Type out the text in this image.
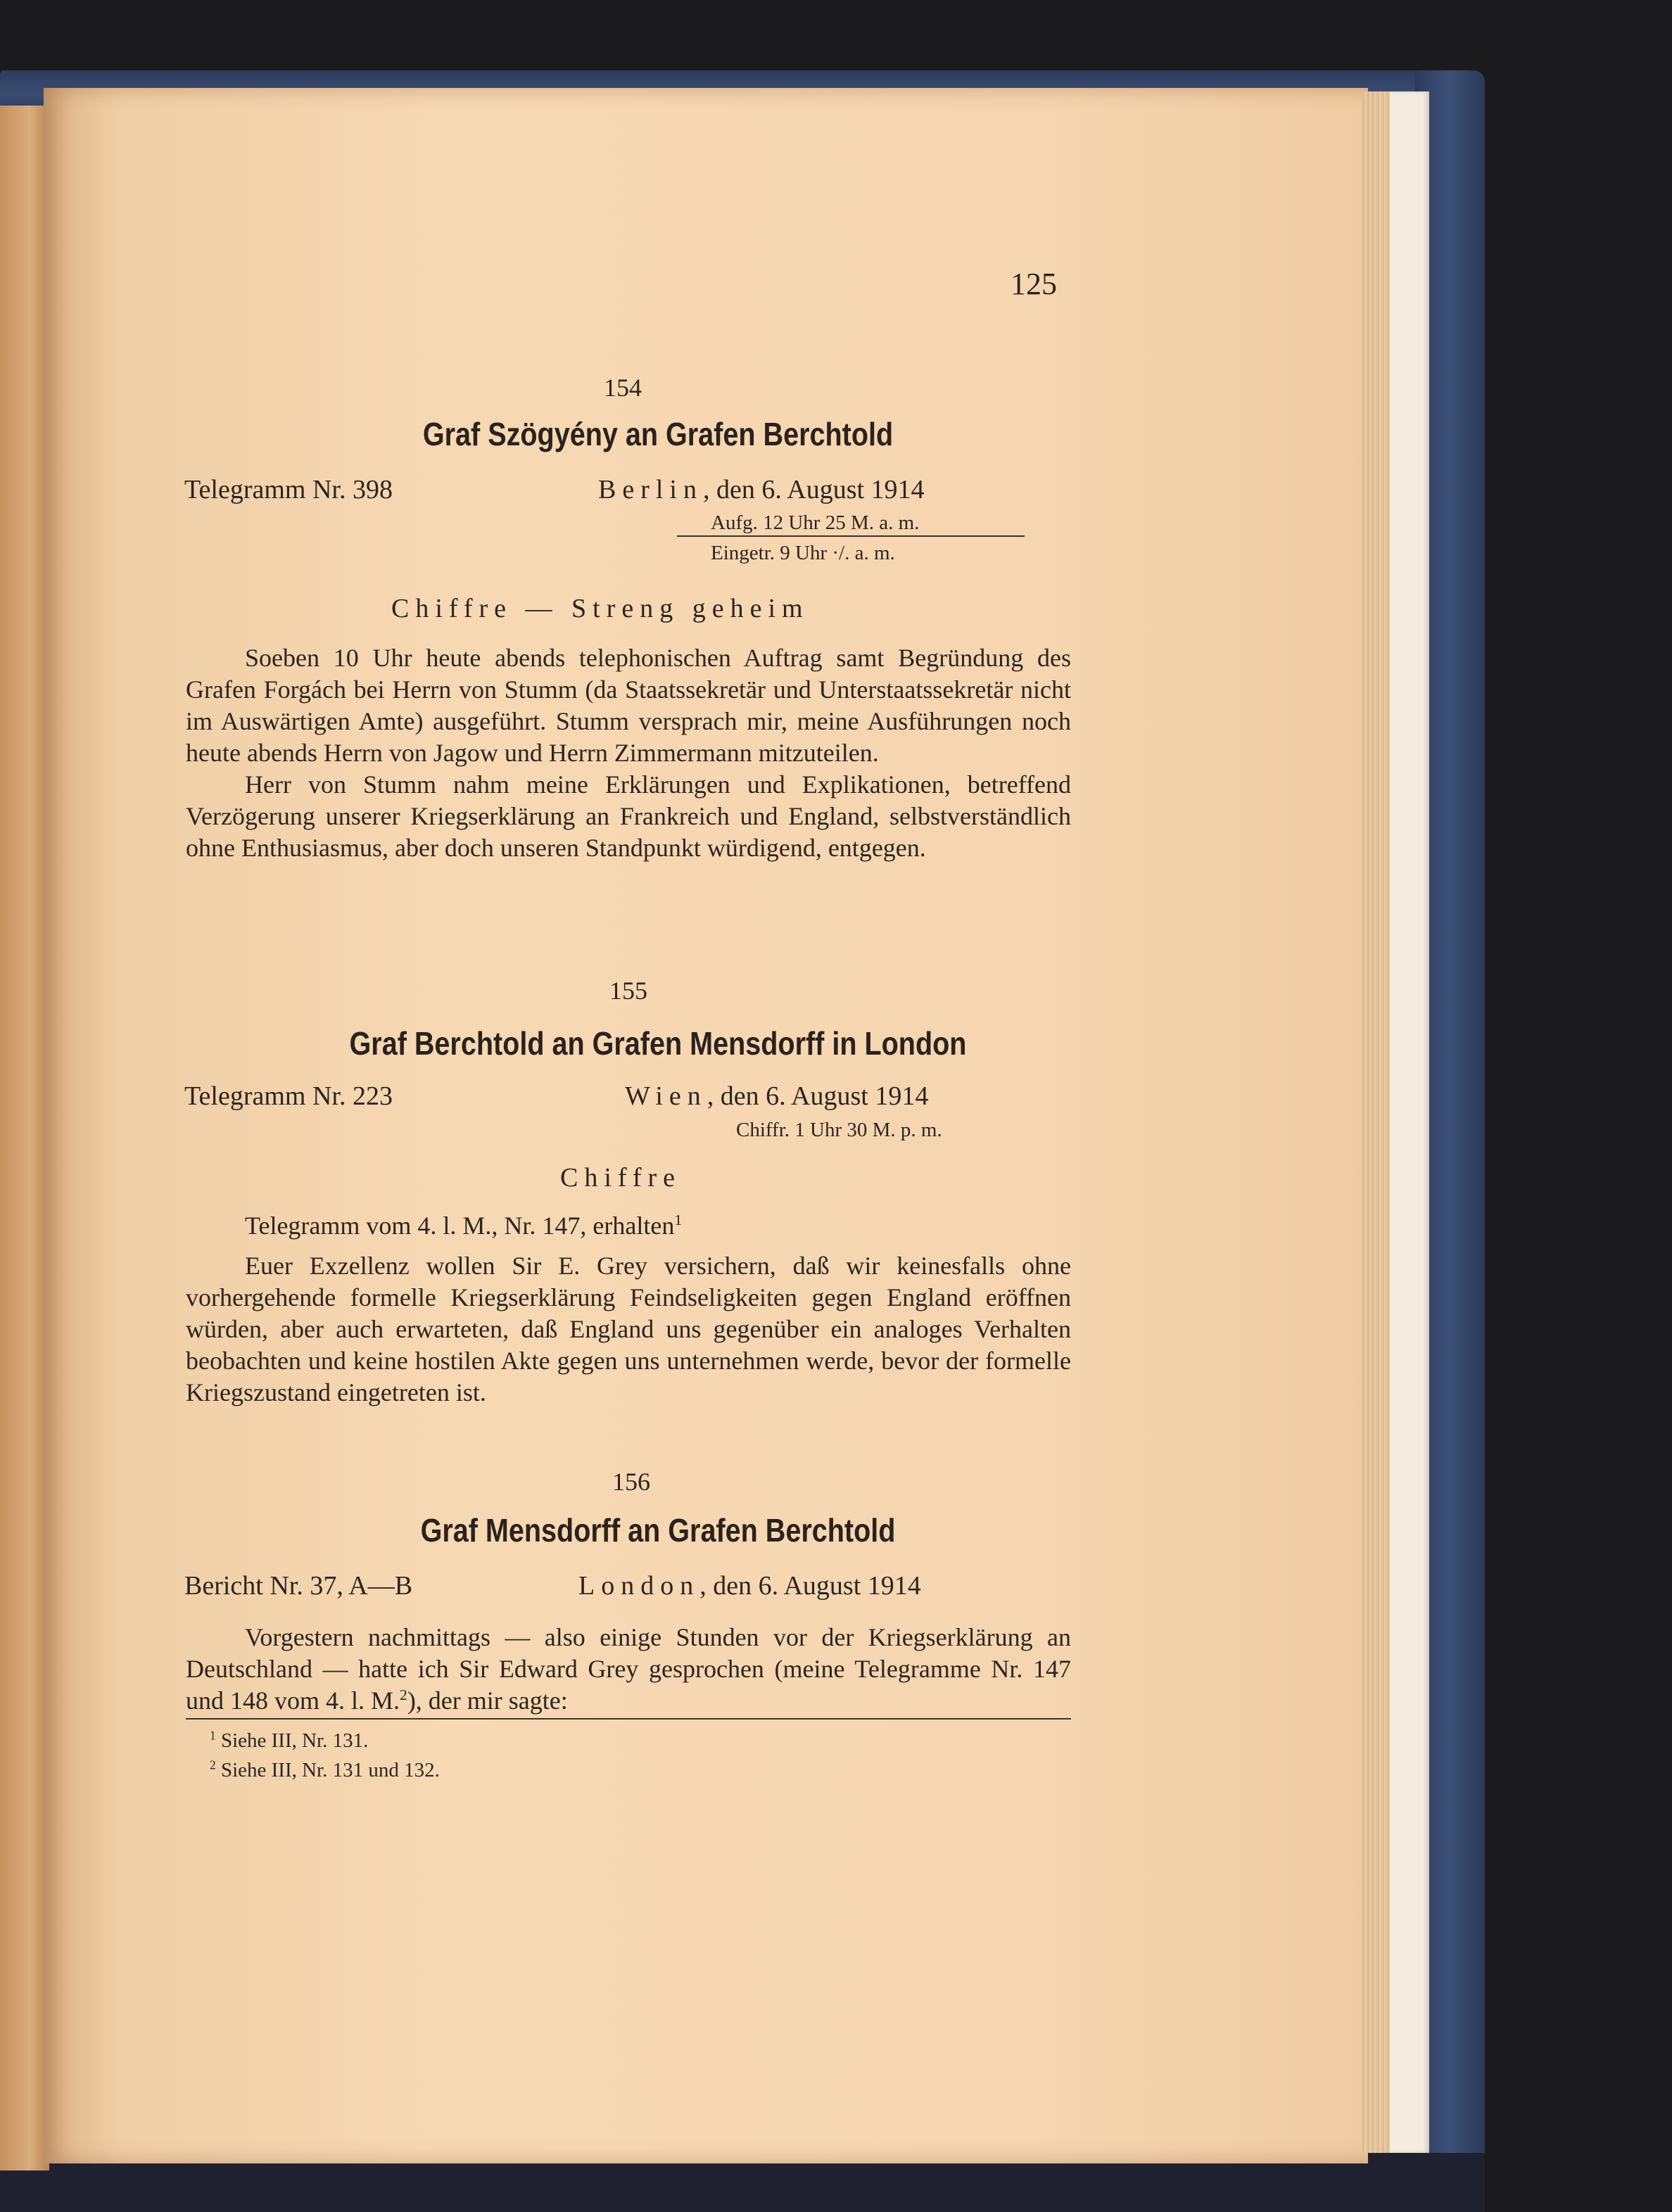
125
154
Graf Szögyény an Grafen Berchtold
Telegramm Nr. 398	Berlin, den 6. August 1914
Aufg. 12 Uhr 25 M. a. m.
Eingetr. 9 Uhr ·/. a. m.
Chiffre — Streng geheim

Soeben 10 Uhr heute abends telephonischen Auftrag samt Begründung des Grafen Forgách bei Herrn von Stumm (da Staatssekretär und Unterstaatssekretär nicht im Auswärtigen Amte) ausgeführt. Stumm versprach mir, meine Ausführungen noch heute abends Herrn von Jagow und Herrn Zimmermann mitzuteilen.

Herr von Stumm nahm meine Erklärungen und Explikationen, betreffend Verzögerung unserer Kriegserklärung an Frankreich und England, selbstverständlich ohne Enthusiasmus, aber doch unseren Standpunkt würdigend, entgegen.

155
Graf Berchtold an Grafen Mensdorff in London
Telegramm Nr. 223	Wien, den 6. August 1914
Chiffr. 1 Uhr 30 M. p. m.
Chiffre

Telegramm vom 4. l. M., Nr. 147, erhalten$^1$

Euer Exzellenz wollen Sir E. Grey versichern, daß wir keinesfalls ohne vorhergehende formelle Kriegserklärung Feindseligkeiten gegen England eröffnen würden, aber auch erwarteten, daß England uns gegenüber ein analoges Verhalten beobachten und keine hostilen Akte gegen uns unternehmen werde, bevor der formelle Kriegszustand eingetreten ist.

156
Graf Mensdorff an Grafen Berchtold
Bericht Nr. 37, A—B	London, den 6. August 1914

Vorgestern nachmittags — also einige Stunden vor der Kriegserklärung an Deutschland — hatte ich Sir Edward Grey gesprochen (meine Telegramme Nr. 147 und 148 vom 4. l. M.$^2$), der mir sagte:

$^1$ Siehe III, Nr. 131.
$^2$ Siehe III, Nr. 131 und 132.
